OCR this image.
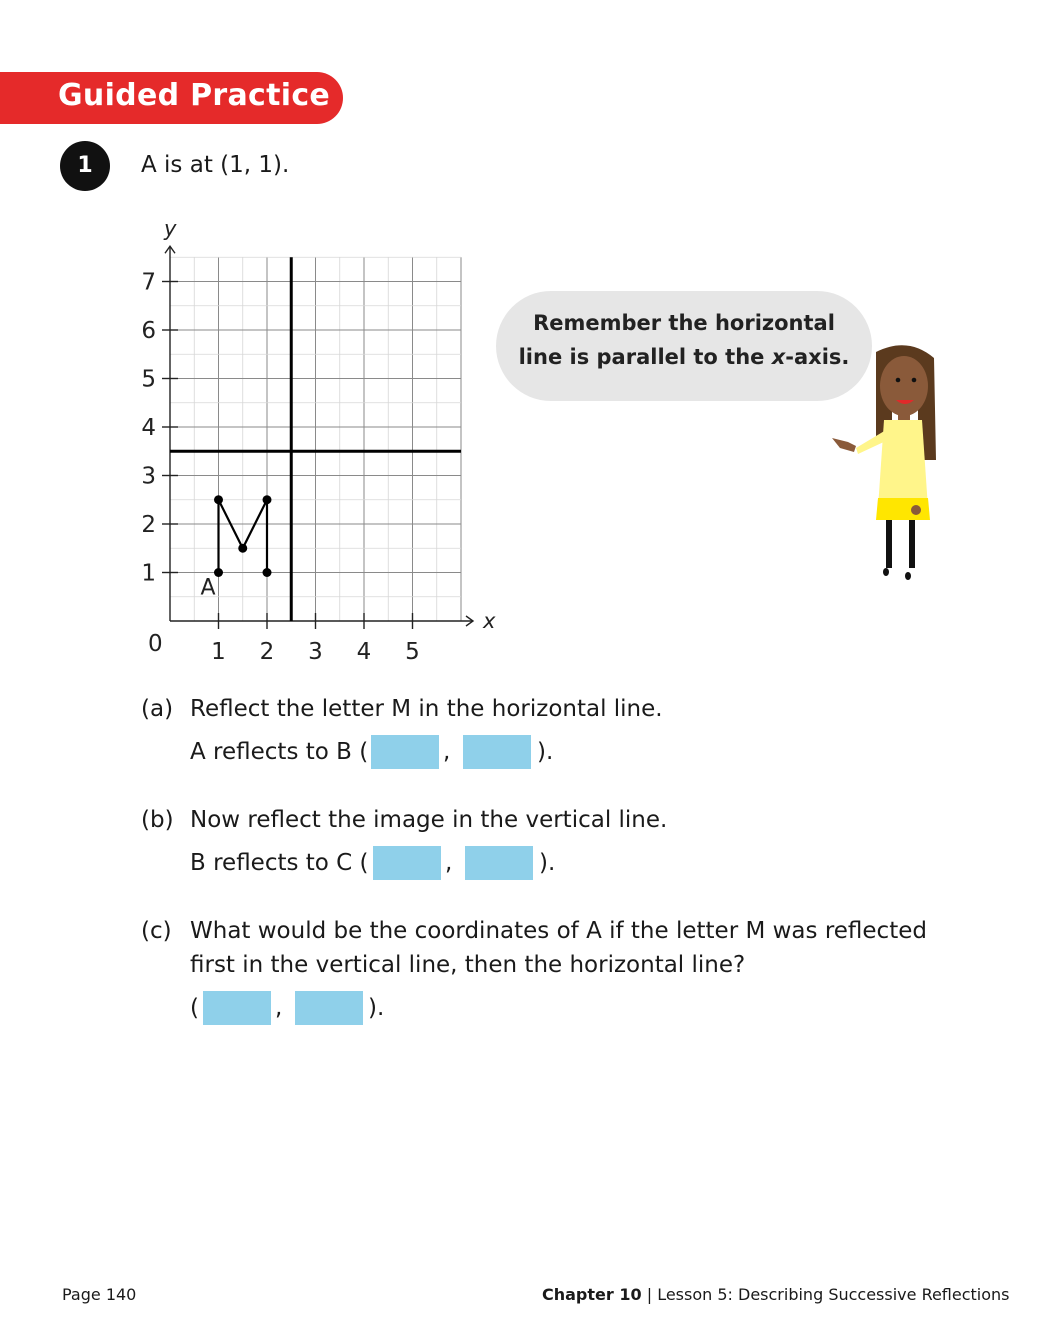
Guided Practice
1	A is at (1, 1).
1 2 3 4 5
1
2
3
4
5
6
7
A
0
x
y
Remember the horizontal
line is parallel to the x-axis.
(a) Reflect the letter M in the horizontal line.
A reflects to B (	,	).
(b) Now reflect the image in the vertical line.
B reflects to C (	,	).
(c) What would be the coordinates of A if the letter M was reflected
first in the vertical line, then the horizontal line?
(	,	).
Page 140	Chapter 10 | Lesson 5: Describing Successive Reflections
